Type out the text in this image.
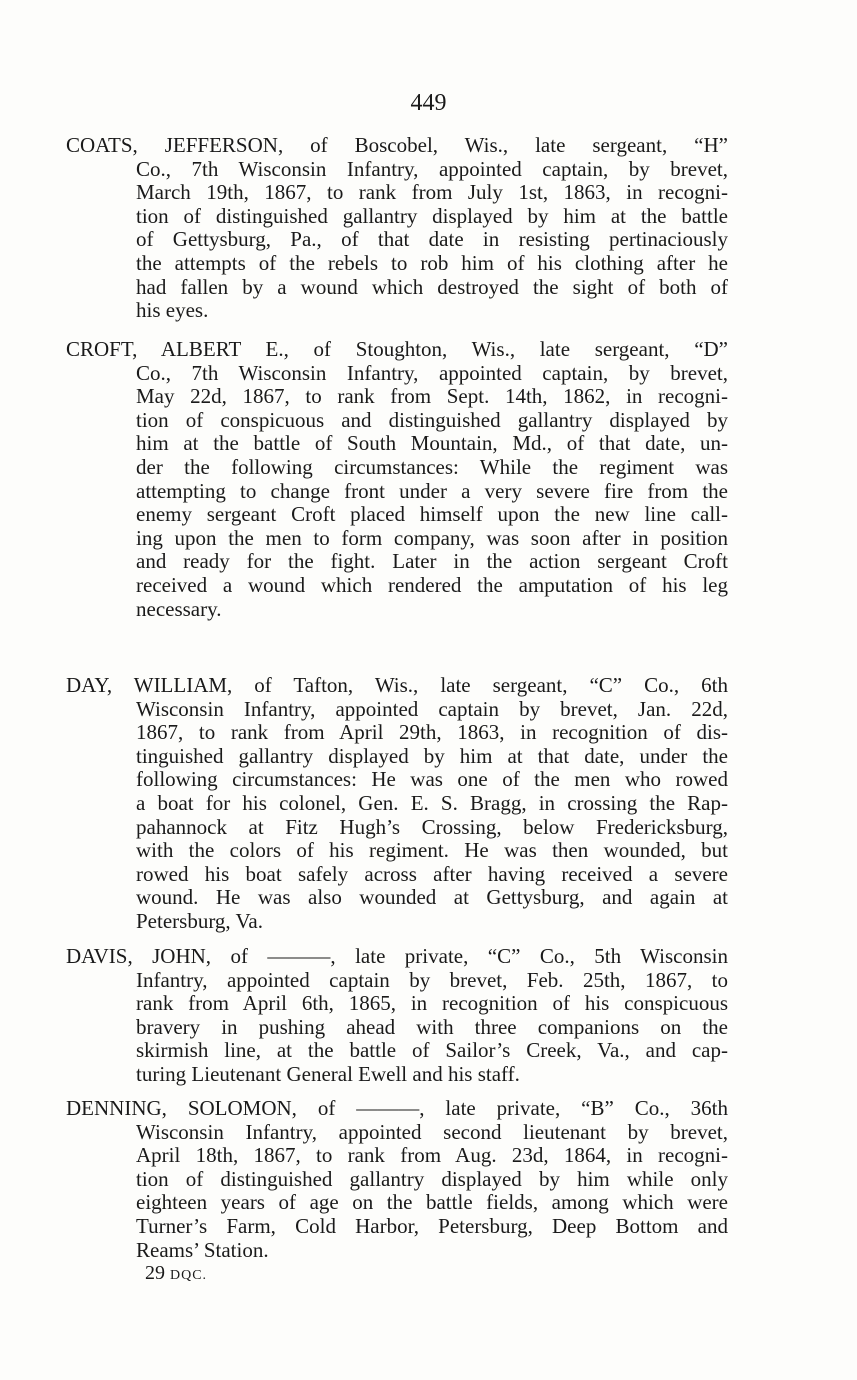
449
COATS, JEFFERSON, of Boscobel, Wis., late sergeant, “H”
Co., 7th Wisconsin Infantry, appointed captain, by brevet,
March 19th, 1867, to rank from July 1st, 1863, in recogni-
tion of distinguished gallantry displayed by him at the battle
of Gettysburg, Pa., of that date in resisting pertinaciously
the attempts of the rebels to rob him of his clothing after he
had fallen by a wound which destroyed the sight of both of
his eyes.
CROFT, ALBERT E., of Stoughton, Wis., late sergeant, “D”
Co., 7th Wisconsin Infantry, appointed captain, by brevet,
May 22d, 1867, to rank from Sept. 14th, 1862, in recogni-
tion of conspicuous and distinguished gallantry displayed by
him at the battle of South Mountain, Md., of that date, un-
der the following circumstances: While the regiment was
attempting to change front under a very severe fire from the
enemy sergeant Croft placed himself upon the new line call-
ing upon the men to form company, was soon after in position
and ready for the fight. Later in the action sergeant Croft
received a wound which rendered the amputation of his leg
necessary.
DAY, WILLIAM, of Tafton, Wis., late sergeant, “C” Co., 6th
Wisconsin Infantry, appointed captain by brevet, Jan. 22d,
1867, to rank from April 29th, 1863, in recognition of dis-
tinguished gallantry displayed by him at that date, under the
following circumstances: He was one of the men who rowed
a boat for his colonel, Gen. E. S. Bragg, in crossing the Rap-
pahannock at Fitz Hugh’s Crossing, below Fredericksburg,
with the colors of his regiment. He was then wounded, but
rowed his boat safely across after having received a severe
wound. He was also wounded at Gettysburg, and again at
Petersburg, Va.
DAVIS, JOHN, of ———, late private, “C” Co., 5th Wisconsin
Infantry, appointed captain by brevet, Feb. 25th, 1867, to
rank from April 6th, 1865, in recognition of his conspicuous
bravery in pushing ahead with three companions on the
skirmish line, at the battle of Sailor’s Creek, Va., and cap-
turing Lieutenant General Ewell and his staff.
DENNING, SOLOMON, of ———, late private, “B” Co., 36th
Wisconsin Infantry, appointed second lieutenant by brevet,
April 18th, 1867, to rank from Aug. 23d, 1864, in recogni-
tion of distinguished gallantry displayed by him while only
eighteen years of age on the battle fields, among which were
Turner’s Farm, Cold Harbor, Petersburg, Deep Bottom and
Reams’ Station.
29 DQC.
